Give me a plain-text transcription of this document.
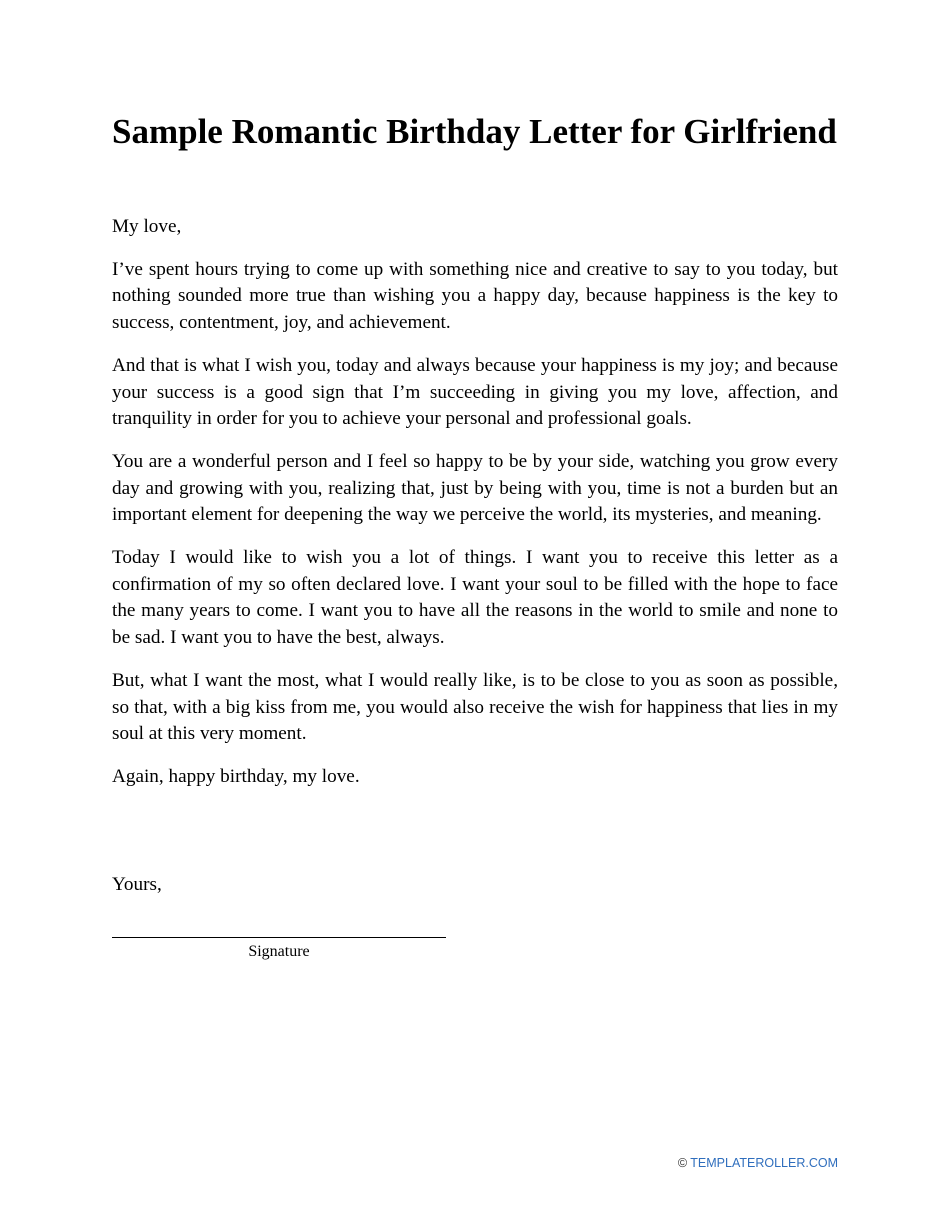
Sample Romantic Birthday Letter for Girlfriend

My love,

I’ve spent hours trying to come up with something nice and creative to say to you today, but nothing sounded more true than wishing you a happy day, because happiness is the key to success, contentment, joy, and achievement.

And that is what I wish you, today and always because your happiness is my joy; and because your success is a good sign that I’m succeeding in giving you my love, affection, and tranquility in order for you to achieve your personal and professional goals.

You are a wonderful person and I feel so happy to be by your side, watching you grow every day and growing with you, realizing that, just by being with you, time is not a burden but an important element for deepening the way we perceive the world, its mysteries, and meaning.

Today I would like to wish you a lot of things. I want you to receive this letter as a confirmation of my so often declared love. I want your soul to be filled with the hope to face the many years to come. I want you to have all the reasons in the world to smile and none to be sad. I want you to have the best, always.

But, what I want the most, what I would really like, is to be close to you as soon as possible, so that, with a big kiss from me, you would also receive the wish for happiness that lies in my soul at this very moment.

Again, happy birthday, my love.

Yours,

Signature
© TEMPLATEROLLER.COM
